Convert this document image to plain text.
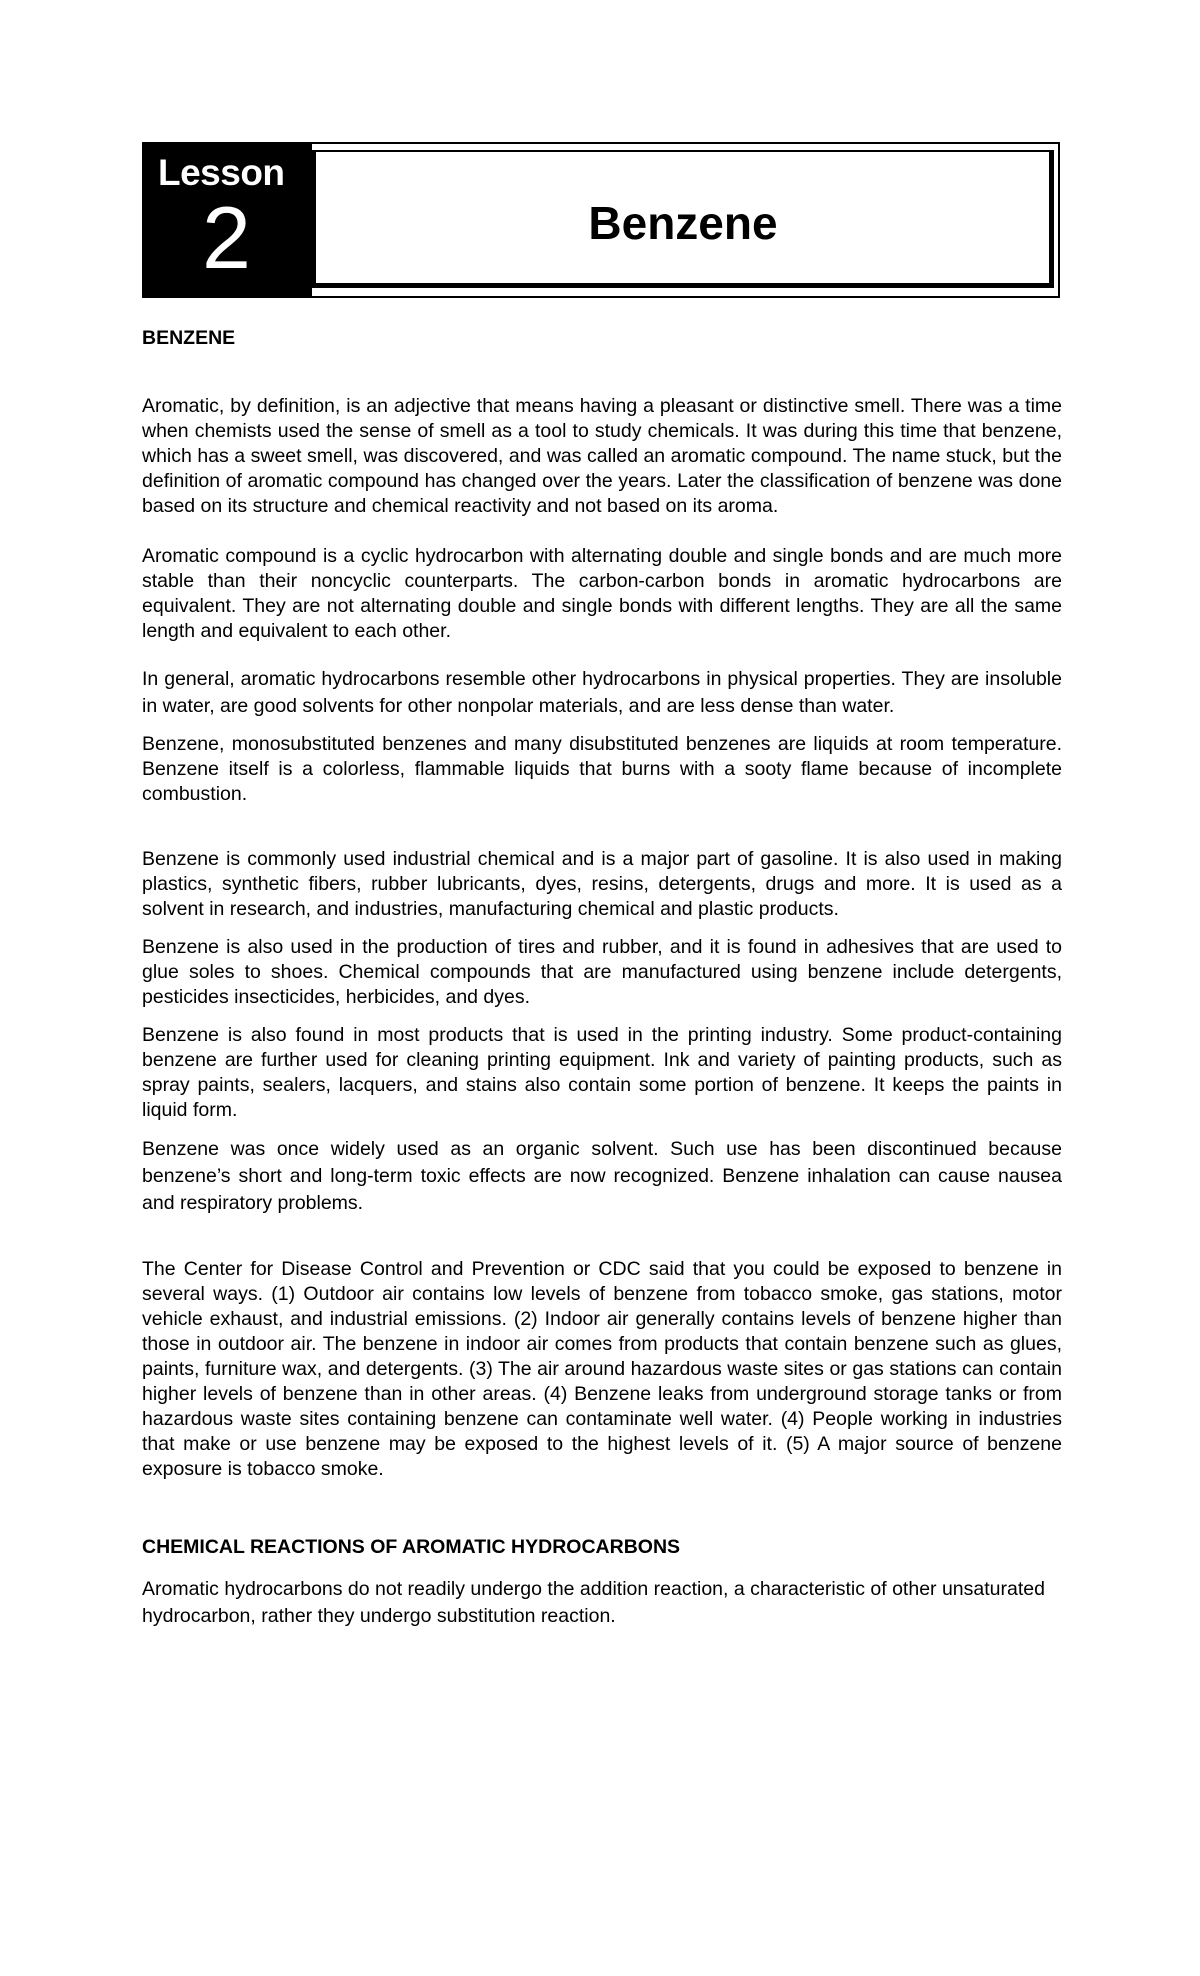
Lesson
2	Benzene

BENZENE

Aromatic, by definition, is an adjective that means having a pleasant or distinctive smell. There was a time when chemists used the sense of smell as a tool to study chemicals. It was during this time that benzene, which has a sweet smell, was discovered, and was called an aromatic compound. The name stuck, but the definition of aromatic compound has changed over the years. Later the classification of benzene was done based on its structure and chemical reactivity and not based on its aroma.

Aromatic compound is a cyclic hydrocarbon with alternating double and single bonds and are much more stable than their noncyclic counterparts. The carbon-carbon bonds in aromatic hydrocarbons are equivalent. They are not alternating double and single bonds with different lengths. They are all the same length and equivalent to each other.

In general, aromatic hydrocarbons resemble other hydrocarbons in physical properties. They are insoluble in water, are good solvents for other nonpolar materials, and are less dense than water.

Benzene, monosubstituted benzenes and many disubstituted benzenes are liquids at room temperature. Benzene itself is a colorless, flammable liquids that burns with a sooty flame because of incomplete combustion.

Benzene is commonly used industrial chemical and is a major part of gasoline. It is also used in making plastics, synthetic fibers, rubber lubricants, dyes, resins, detergents, drugs and more. It is used as a solvent in research, and industries, manufacturing chemical and plastic products.

Benzene is also used in the production of tires and rubber, and it is found in adhesives that are used to glue soles to shoes. Chemical compounds that are manufactured using benzene include detergents, pesticides insecticides, herbicides, and dyes.

Benzene is also found in most products that is used in the printing industry. Some product-containing benzene are further used for cleaning printing equipment. Ink and variety of painting products, such as spray paints, sealers, lacquers, and stains also contain some portion of benzene. It keeps the paints in liquid form.

Benzene was once widely used as an organic solvent. Such use has been discontinued because benzene’s short and long-term toxic effects are now recognized. Benzene inhalation can cause nausea and respiratory problems.

The Center for Disease Control and Prevention or CDC said that you could be exposed to benzene in several ways. (1) Outdoor air contains low levels of benzene from tobacco smoke, gas stations, motor vehicle exhaust, and industrial emissions. (2) Indoor air generally contains levels of benzene higher than those in outdoor air. The benzene in indoor air comes from products that contain benzene such as glues, paints, furniture wax, and detergents. (3) The air around hazardous waste sites or gas stations can contain higher levels of benzene than in other areas. (4) Benzene leaks from underground storage tanks or from hazardous waste sites containing benzene can contaminate well water. (4) People working in industries that make or use benzene may be exposed to the highest levels of it. (5) A major source of benzene exposure is tobacco smoke.

CHEMICAL REACTIONS OF AROMATIC HYDROCARBONS

Aromatic hydrocarbons do not readily undergo the addition reaction, a characteristic of other unsaturated hydrocarbon, rather they undergo substitution reaction.
